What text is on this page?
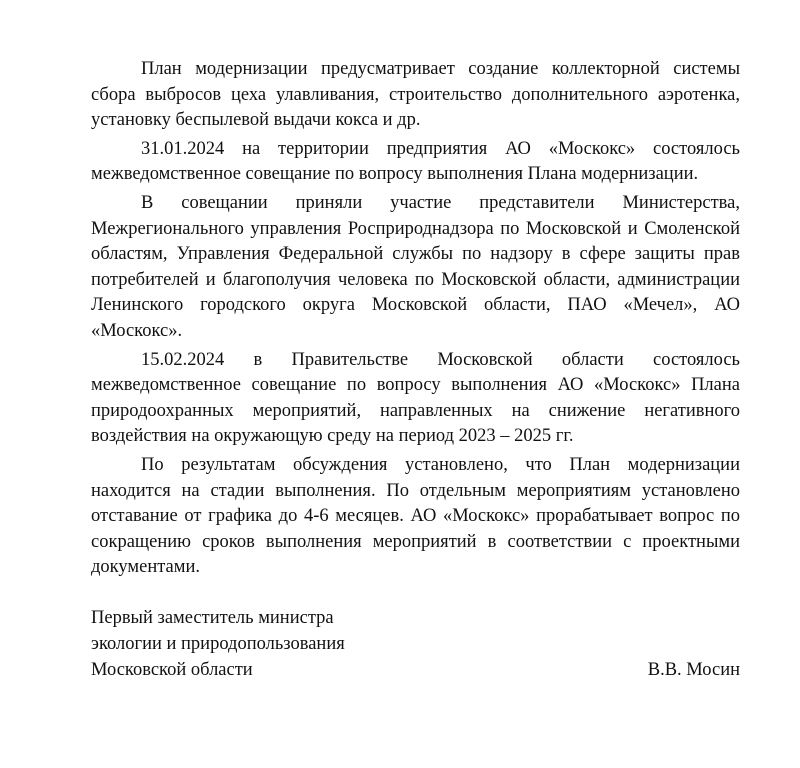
План модернизации предусматривает создание коллекторной системы сбора выбросов цеха улавливания, строительство дополнительного аэротенка, установку беспылевой выдачи кокса и др.

31.01.2024 на территории предприятия АО «Москокс» состоялось межведомственное совещание по вопросу выполнения Плана модернизации.

В совещании приняли участие представители Министерства, Межрегионального управления Росприроднадзора по Московской и Смоленской областям, Управления Федеральной службы по надзору в сфере защиты прав потребителей и благополучия человека по Московской области, администрации Ленинского городского округа Московской области, ПАО «Мечел», АО «Москокс».

15.02.2024 в Правительстве Московской области состоялось межведомственное совещание по вопросу выполнения АО «Москокс» Плана природоохранных мероприятий, направленных на снижение негативного воздействия на окружающую среду на период 2023 – 2025 гг.

По результатам обсуждения установлено, что План модернизации находится на стадии выполнения. По отдельным мероприятиям установлено отставание от графика до 4-6 месяцев. АО «Москокс» прорабатывает вопрос по сокращению сроков выполнения мероприятий в соответствии с проектными документами.

Первый заместитель министра
экологии и природопользования
Московской области	В.В. Мосин
